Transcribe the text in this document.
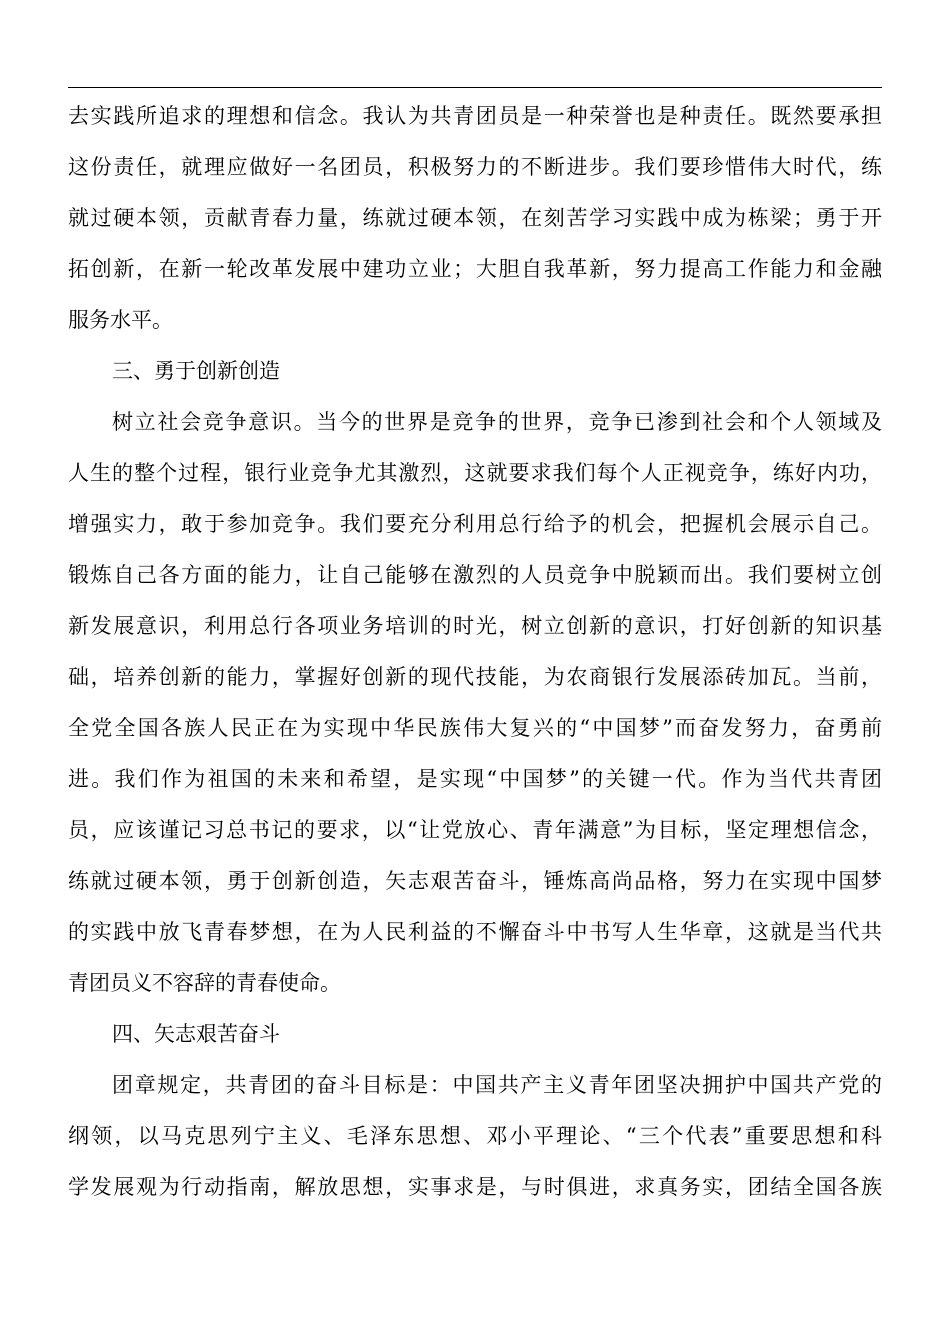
去实践所追求的理想和信念。我认为共青团员是一种荣誉也是种责任。既然要承担
这份责任，就理应做好一名团员，积极努力的不断进步。我们要珍惜伟大时代，练
就过硬本领，贡献青春力量，练就过硬本领，在刻苦学习实践中成为栋梁；勇于开
拓创新，在新一轮改革发展中建功立业；大胆自我革新，努力提高工作能力和金融
服务水平。
三、勇于创新创造
树立社会竞争意识。当今的世界是竞争的世界，竞争已渗到社会和个人领域及
人生的整个过程，银行业竞争尤其激烈，这就要求我们每个人正视竞争，练好内功，
增强实力，敢于参加竞争。我们要充分利用总行给予的机会，把握机会展示自己。
锻炼自己各方面的能力，让自己能够在激烈的人员竞争中脱颖而出。我们要树立创
新发展意识，利用总行各项业务培训的时光，树立创新的意识，打好创新的知识基
础，培养创新的能力，掌握好创新的现代技能，为农商银行发展添砖加瓦。当前，
全党全国各族人民正在为实现中华民族伟大复兴的“中国梦”而奋发努力，奋勇前
进。我们作为祖国的未来和希望，是实现“中国梦”的关键一代。作为当代共青团
员，应该谨记习总书记的要求，以“让党放心、青年满意”为目标，坚定理想信念，
练就过硬本领，勇于创新创造，矢志艰苦奋斗，锤炼高尚品格，努力在实现中国梦
的实践中放飞青春梦想，在为人民利益的不懈奋斗中书写人生华章，这就是当代共
青团员义不容辞的青春使命。
四、矢志艰苦奋斗
团章规定，共青团的奋斗目标是：中国共产主义青年团坚决拥护中国共产党的
纲领，以马克思列宁主义、毛泽东思想、邓小平理论、“三个代表”重要思想和科
学发展观为行动指南，解放思想，实事求是，与时俱进，求真务实，团结全国各族
